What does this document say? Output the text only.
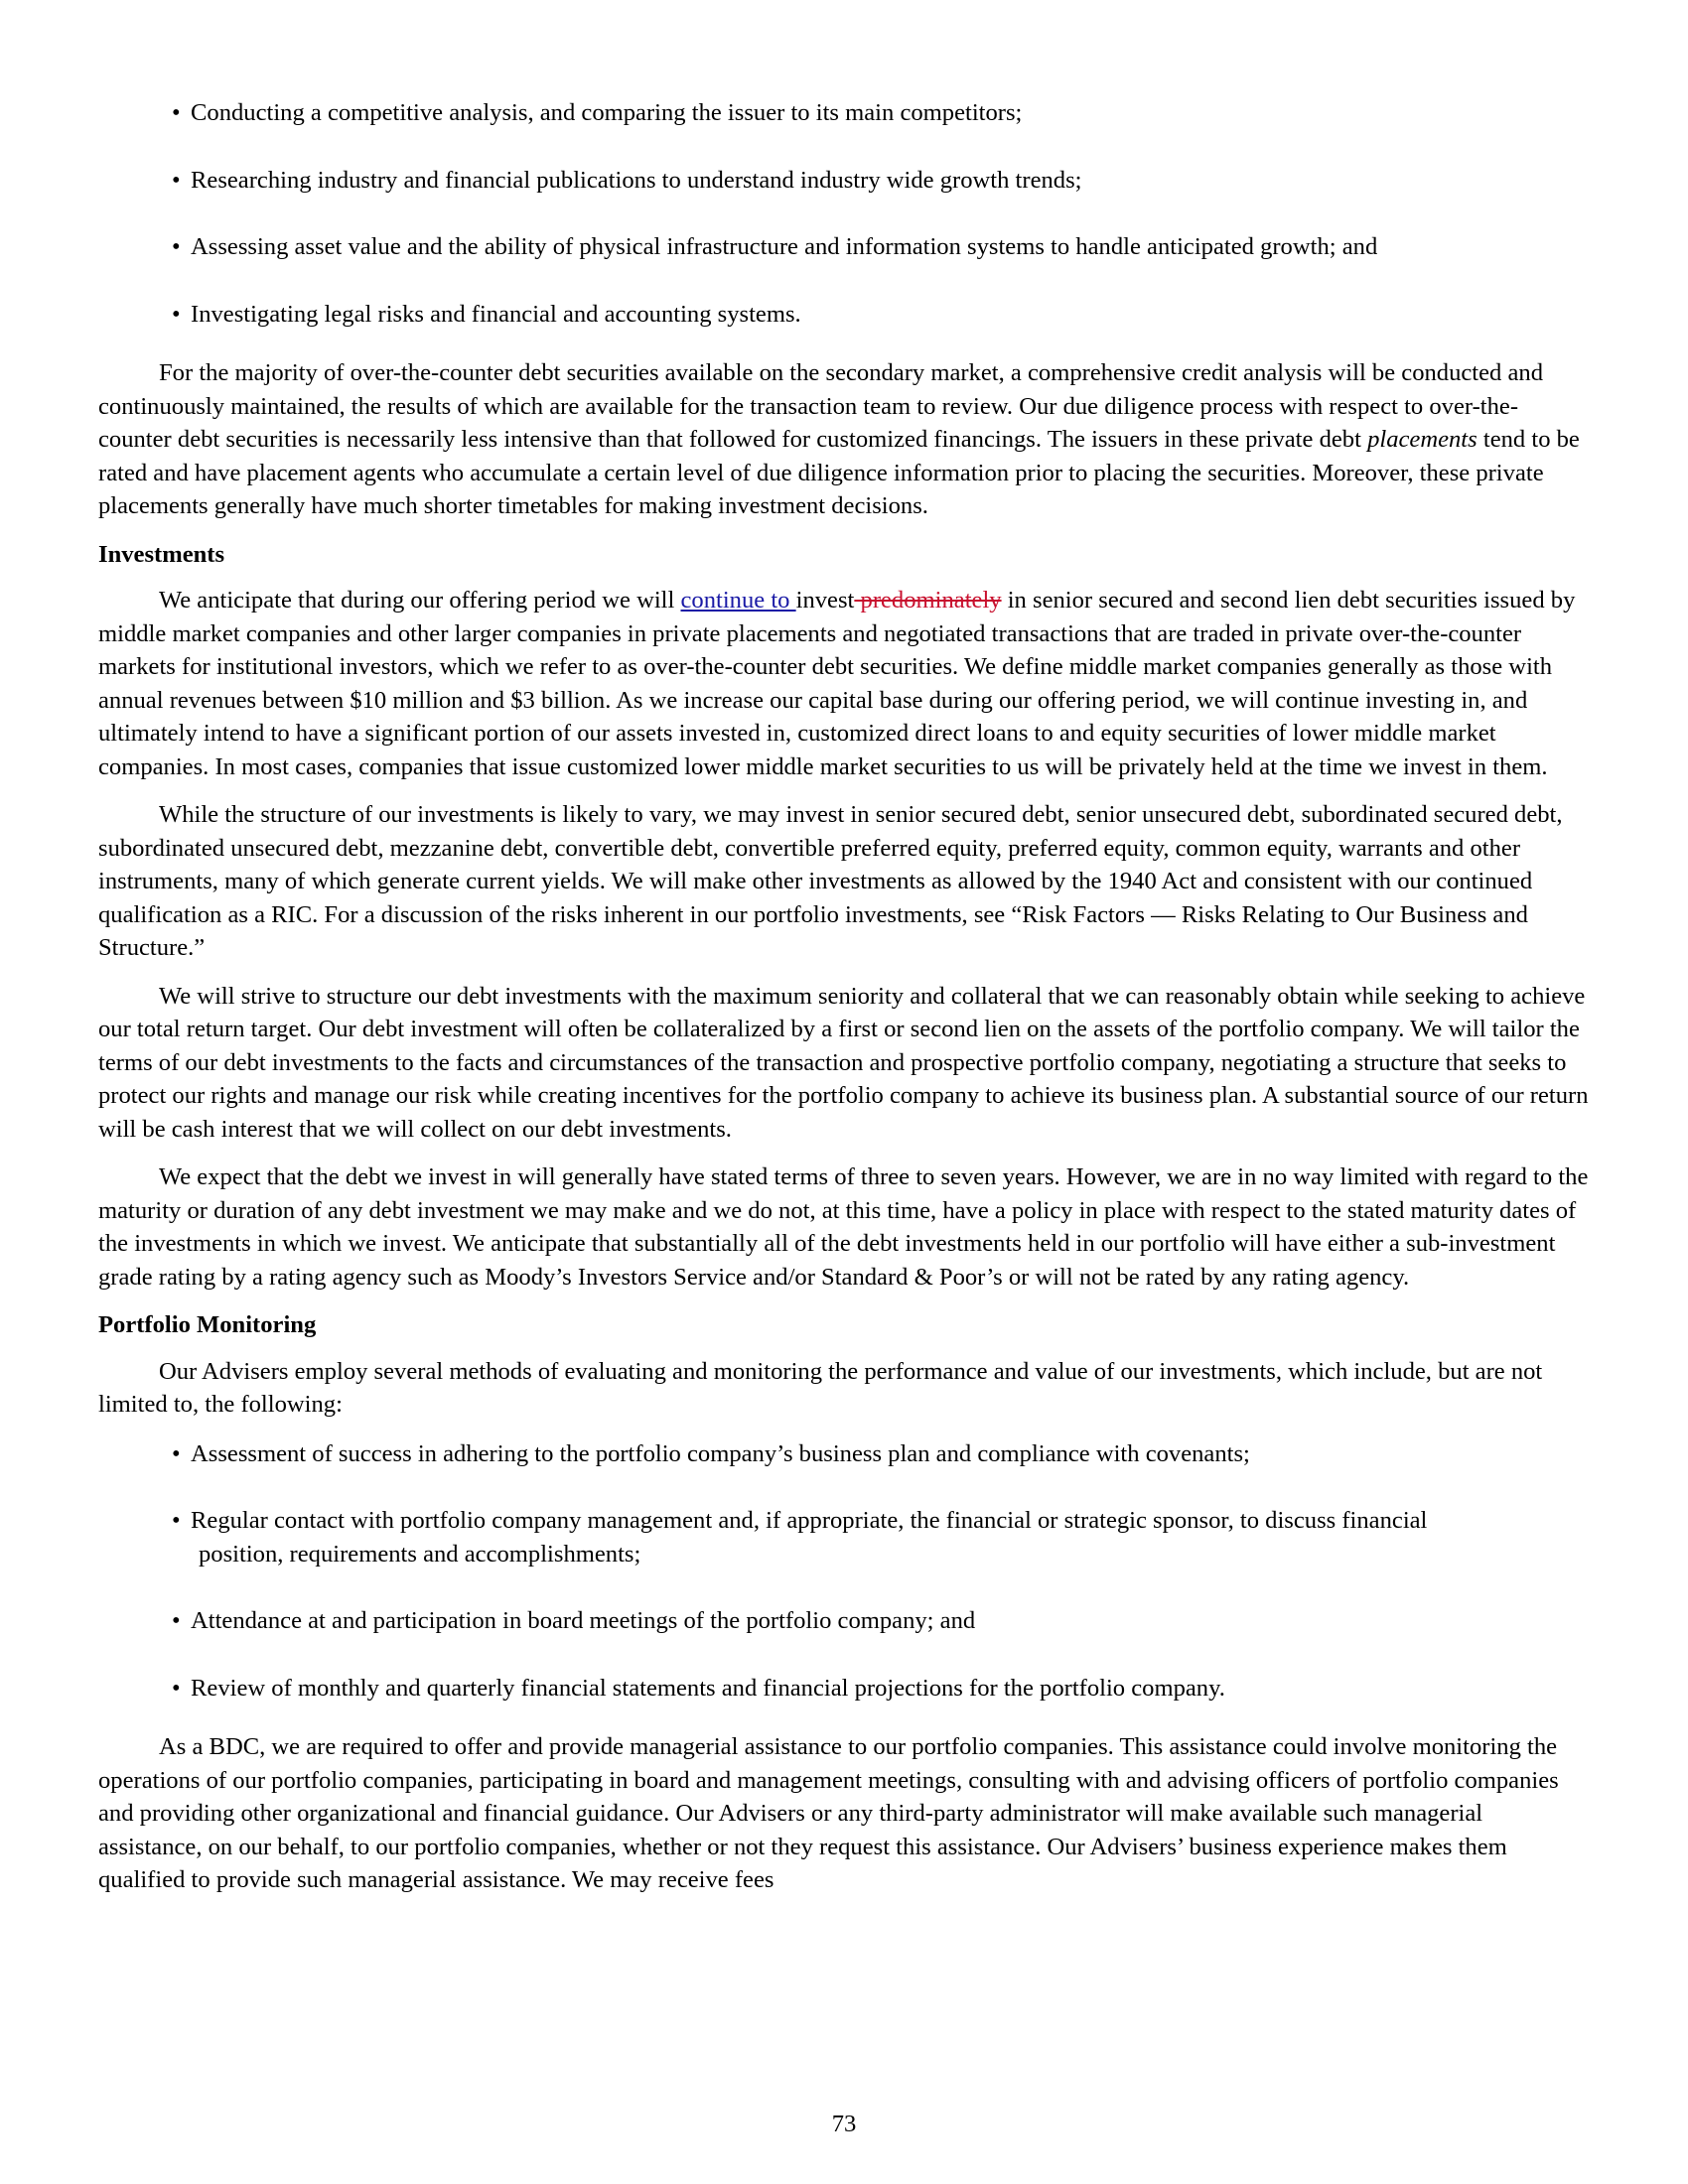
• Conducting a competitive analysis, and comparing the issuer to its main competitors;
• Researching industry and financial publications to understand industry wide growth trends;
• Assessing asset value and the ability of physical infrastructure and information systems to handle anticipated growth; and
• Investigating legal risks and financial and accounting systems.

For the majority of over-the-counter debt securities available on the secondary market, a comprehensive credit analysis will be conducted and continuously maintained, the results of which are available for the transaction team to review. Our due diligence process with respect to over-the-counter debt securities is necessarily less intensive than that followed for customized financings. The issuers in these private debt placements tend to be rated and have placement agents who accumulate a certain level of due diligence information prior to placing the securities. Moreover, these private placements generally have much shorter timetables for making investment decisions.

Investments

We anticipate that during our offering period we will continue to invest predominately in senior secured and second lien debt securities issued by middle market companies and other larger companies in private placements and negotiated transactions that are traded in private over-the-counter markets for institutional investors, which we refer to as over-the-counter debt securities. We define middle market companies generally as those with annual revenues between $10 million and $3 billion. As we increase our capital base during our offering period, we will continue investing in, and ultimately intend to have a significant portion of our assets invested in, customized direct loans to and equity securities of lower middle market companies. In most cases, companies that issue customized lower middle market securities to us will be privately held at the time we invest in them.

While the structure of our investments is likely to vary, we may invest in senior secured debt, senior unsecured debt, subordinated secured debt, subordinated unsecured debt, mezzanine debt, convertible debt, convertible preferred equity, preferred equity, common equity, warrants and other instruments, many of which generate current yields. We will make other investments as allowed by the 1940 Act and consistent with our continued qualification as a RIC. For a discussion of the risks inherent in our portfolio investments, see “Risk Factors — Risks Relating to Our Business and Structure.”

We will strive to structure our debt investments with the maximum seniority and collateral that we can reasonably obtain while seeking to achieve our total return target. Our debt investment will often be collateralized by a first or second lien on the assets of the portfolio company. We will tailor the terms of our debt investments to the facts and circumstances of the transaction and prospective portfolio company, negotiating a structure that seeks to protect our rights and manage our risk while creating incentives for the portfolio company to achieve its business plan. A substantial source of our return will be cash interest that we will collect on our debt investments.

We expect that the debt we invest in will generally have stated terms of three to seven years. However, we are in no way limited with regard to the maturity or duration of any debt investment we may make and we do not, at this time, have a policy in place with respect to the stated maturity dates of the investments in which we invest. We anticipate that substantially all of the debt investments held in our portfolio will have either a sub-investment grade rating by a rating agency such as Moody’s Investors Service and/or Standard & Poor’s or will not be rated by any rating agency.

Portfolio Monitoring

Our Advisers employ several methods of evaluating and monitoring the performance and value of our investments, which include, but are not limited to, the following:

• Assessment of success in adhering to the portfolio company’s business plan and compliance with covenants;
• Regular contact with portfolio company management and, if appropriate, the financial or strategic sponsor, to discuss financial
position, requirements and accomplishments;
• Attendance at and participation in board meetings of the portfolio company; and
• Review of monthly and quarterly financial statements and financial projections for the portfolio company.

As a BDC, we are required to offer and provide managerial assistance to our portfolio companies. This assistance could involve monitoring the operations of our portfolio companies, participating in board and management meetings, consulting with and advising officers of portfolio companies and providing other organizational and financial guidance. Our Advisers or any third-party administrator will make available such managerial assistance, on our behalf, to our portfolio companies, whether or not they request this assistance. Our Advisers’ business experience makes them qualified to provide such managerial assistance. We may receive fees

73
